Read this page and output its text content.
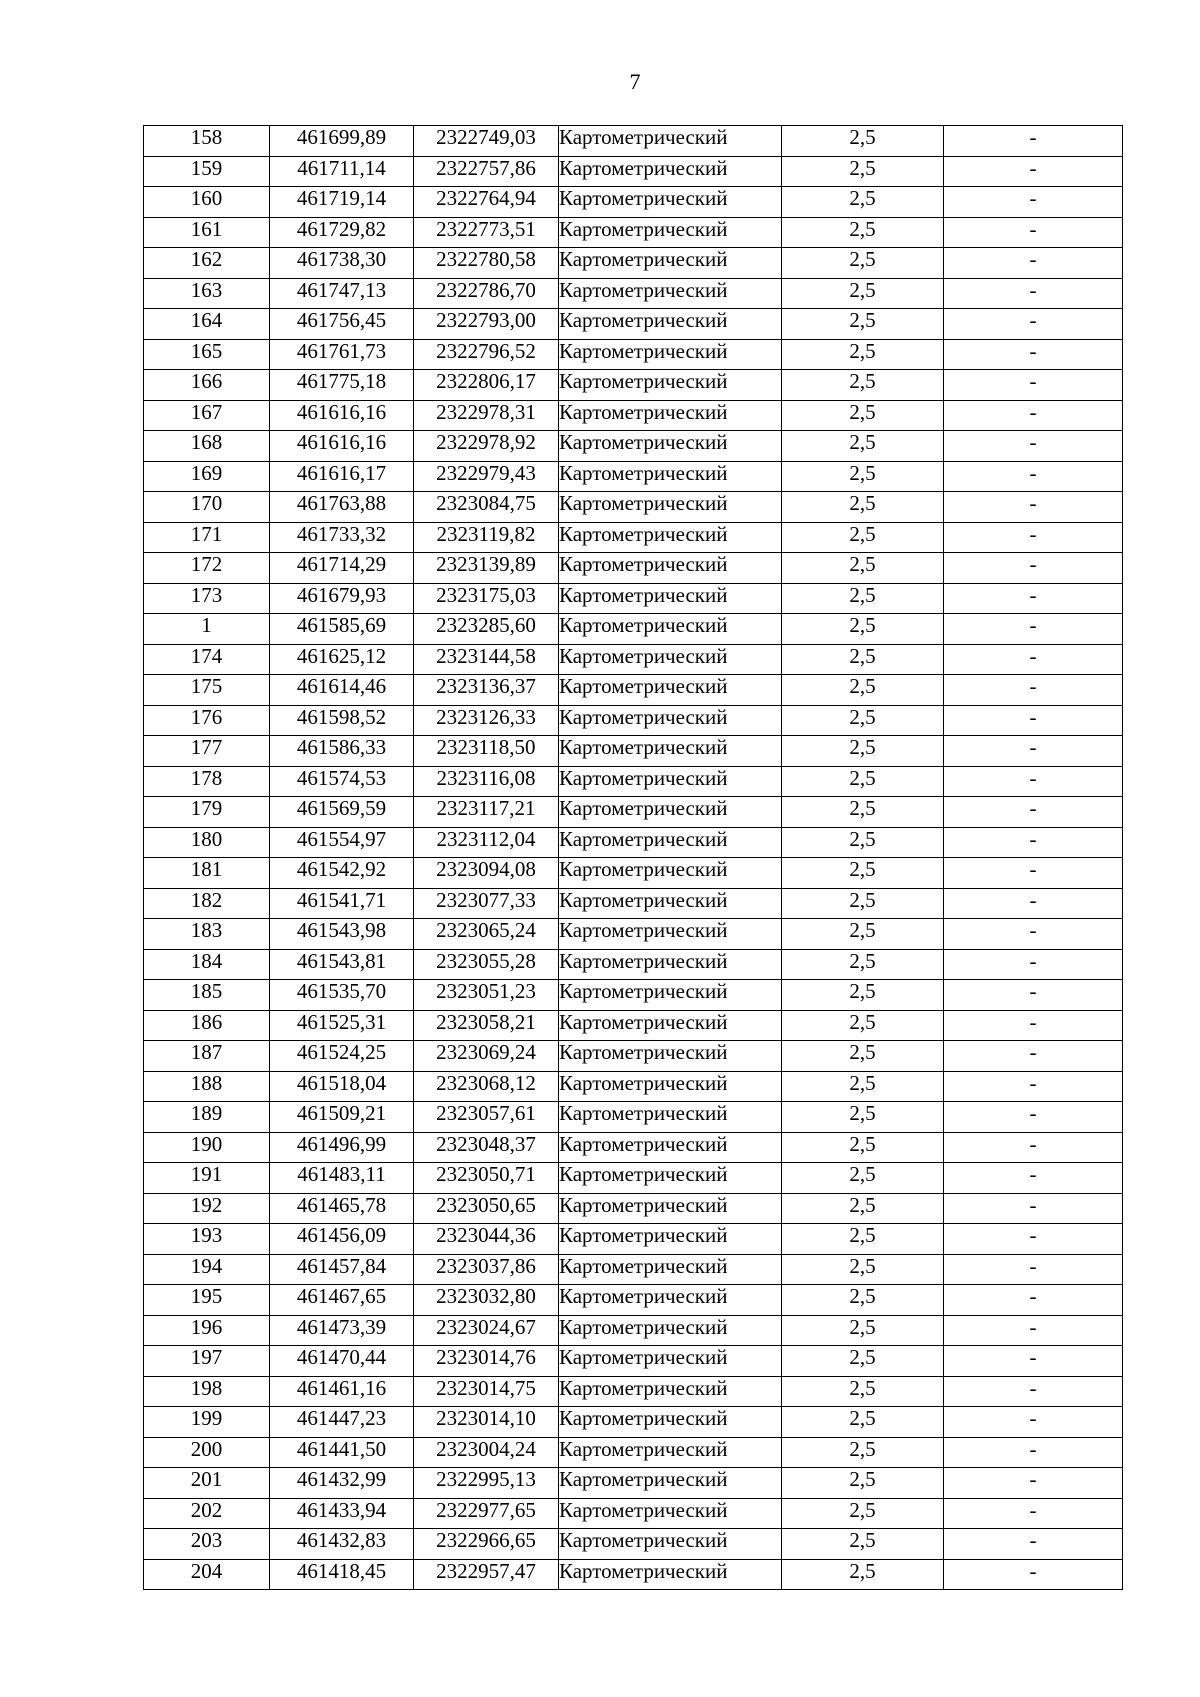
7
158	461699,89	2322749,03	Картометрический	2,5	-
159	461711,14	2322757,86	Картометрический	2,5	-
160	461719,14	2322764,94	Картометрический	2,5	-
161	461729,82	2322773,51	Картометрический	2,5	-
162	461738,30	2322780,58	Картометрический	2,5	-
163	461747,13	2322786,70	Картометрический	2,5	-
164	461756,45	2322793,00	Картометрический	2,5	-
165	461761,73	2322796,52	Картометрический	2,5	-
166	461775,18	2322806,17	Картометрический	2,5	-
167	461616,16	2322978,31	Картометрический	2,5	-
168	461616,16	2322978,92	Картометрический	2,5	-
169	461616,17	2322979,43	Картометрический	2,5	-
170	461763,88	2323084,75	Картометрический	2,5	-
171	461733,32	2323119,82	Картометрический	2,5	-
172	461714,29	2323139,89	Картометрический	2,5	-
173	461679,93	2323175,03	Картометрический	2,5	-
1	461585,69	2323285,60	Картометрический	2,5	-
174	461625,12	2323144,58	Картометрический	2,5	-
175	461614,46	2323136,37	Картометрический	2,5	-
176	461598,52	2323126,33	Картометрический	2,5	-
177	461586,33	2323118,50	Картометрический	2,5	-
178	461574,53	2323116,08	Картометрический	2,5	-
179	461569,59	2323117,21	Картометрический	2,5	-
180	461554,97	2323112,04	Картометрический	2,5	-
181	461542,92	2323094,08	Картометрический	2,5	-
182	461541,71	2323077,33	Картометрический	2,5	-
183	461543,98	2323065,24	Картометрический	2,5	-
184	461543,81	2323055,28	Картометрический	2,5	-
185	461535,70	2323051,23	Картометрический	2,5	-
186	461525,31	2323058,21	Картометрический	2,5	-
187	461524,25	2323069,24	Картометрический	2,5	-
188	461518,04	2323068,12	Картометрический	2,5	-
189	461509,21	2323057,61	Картометрический	2,5	-
190	461496,99	2323048,37	Картометрический	2,5	-
191	461483,11	2323050,71	Картометрический	2,5	-
192	461465,78	2323050,65	Картометрический	2,5	-
193	461456,09	2323044,36	Картометрический	2,5	-
194	461457,84	2323037,86	Картометрический	2,5	-
195	461467,65	2323032,80	Картометрический	2,5	-
196	461473,39	2323024,67	Картометрический	2,5	-
197	461470,44	2323014,76	Картометрический	2,5	-
198	461461,16	2323014,75	Картометрический	2,5	-
199	461447,23	2323014,10	Картометрический	2,5	-
200	461441,50	2323004,24	Картометрический	2,5	-
201	461432,99	2322995,13	Картометрический	2,5	-
202	461433,94	2322977,65	Картометрический	2,5	-
203	461432,83	2322966,65	Картометрический	2,5	-
204	461418,45	2322957,47	Картометрический	2,5	-
